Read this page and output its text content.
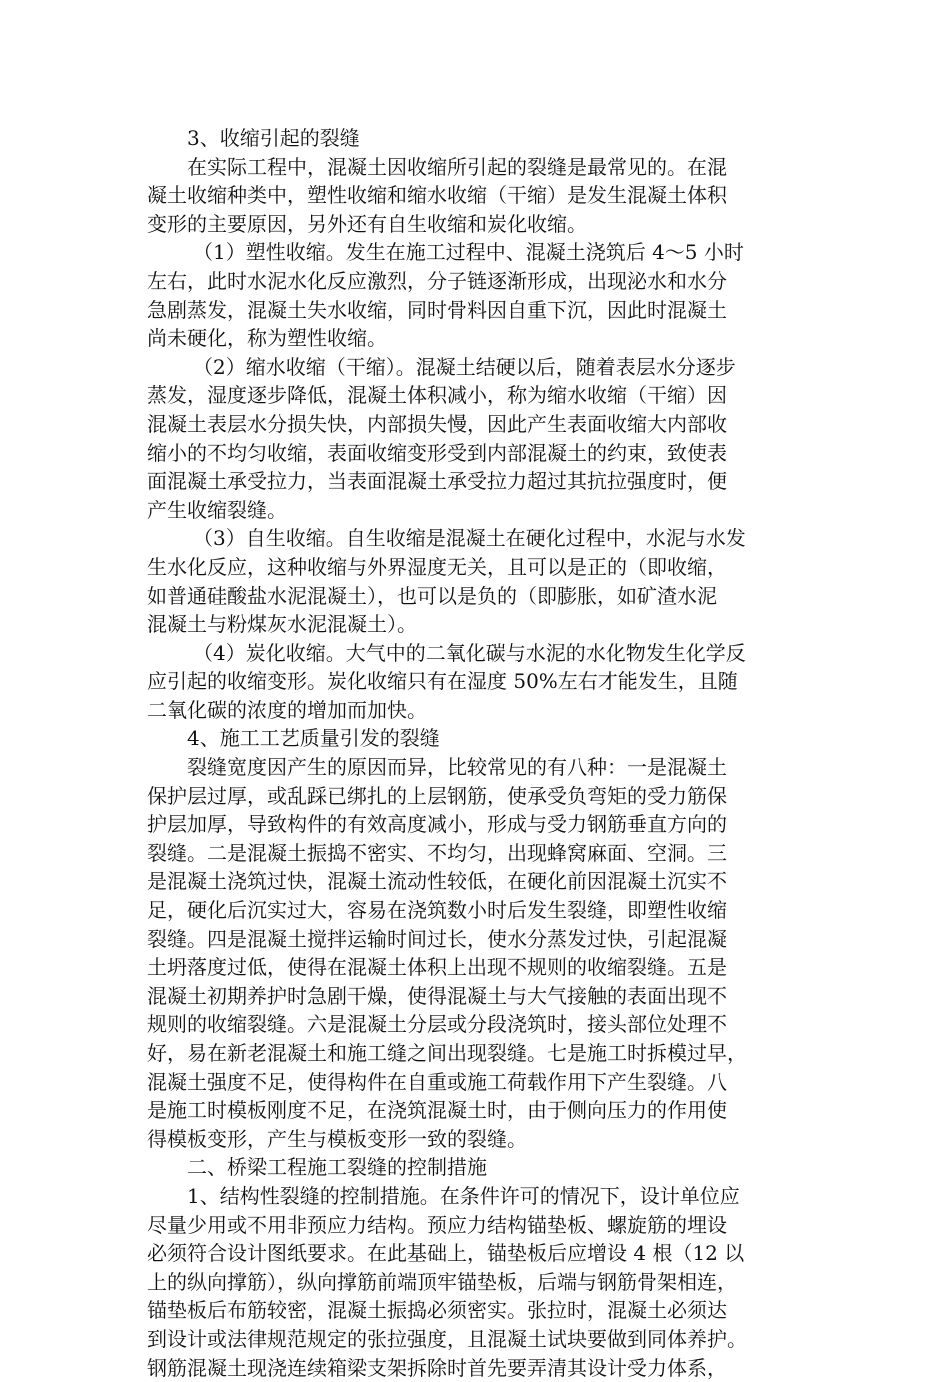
3、收缩引起的裂缝

在实际工程中，混凝土因收缩所引起的裂缝是最常见的。在混
凝土收缩种类中，塑性收缩和缩水收缩（干缩）是发生混凝土体积
变形的主要原因，另外还有自生收缩和炭化收缩。

（1）塑性收缩。发生在施工过程中、混凝土浇筑后 4～5 小时
左右，此时水泥水化反应激烈，分子链逐渐形成，出现泌水和水分
急剧蒸发，混凝土失水收缩，同时骨料因自重下沉，因此时混凝土
尚未硬化，称为塑性收缩。

（2）缩水收缩（干缩）。混凝土结硬以后，随着表层水分逐步
蒸发，湿度逐步降低，混凝土体积减小，称为缩水收缩（干缩）因
混凝土表层水分损失快，内部损失慢，因此产生表面收缩大内部收
缩小的不均匀收缩，表面收缩变形受到内部混凝土的约束，致使表
面混凝土承受拉力，当表面混凝土承受拉力超过其抗拉强度时，便
产生收缩裂缝。

（3）自生收缩。自生收缩是混凝土在硬化过程中，水泥与水发
生水化反应，这种收缩与外界湿度无关，且可以是正的（即收缩，
如普通硅酸盐水泥混凝土），也可以是负的（即膨胀，如矿渣水泥
混凝土与粉煤灰水泥混凝土）。

（4）炭化收缩。大气中的二氧化碳与水泥的水化物发生化学反
应引起的收缩变形。炭化收缩只有在湿度 50%左右才能发生，且随
二氧化碳的浓度的增加而加快。

4、施工工艺质量引发的裂缝

裂缝宽度因产生的原因而异，比较常见的有八种：一是混凝土
保护层过厚，或乱踩已绑扎的上层钢筋，使承受负弯矩的受力筋保
护层加厚，导致构件的有效高度减小，形成与受力钢筋垂直方向的
裂缝。二是混凝土振捣不密实、不均匀，出现蜂窝麻面、空洞。三
是混凝土浇筑过快，混凝土流动性较低，在硬化前因混凝土沉实不
足，硬化后沉实过大，容易在浇筑数小时后发生裂缝，即塑性收缩
裂缝。四是混凝土搅拌运输时间过长，使水分蒸发过快，引起混凝
土坍落度过低，使得在混凝土体积上出现不规则的收缩裂缝。五是
混凝土初期养护时急剧干燥，使得混凝土与大气接触的表面出现不
规则的收缩裂缝。六是混凝土分层或分段浇筑时，接头部位处理不
好，易在新老混凝土和施工缝之间出现裂缝。七是施工时拆模过早，
混凝土强度不足，使得构件在自重或施工荷载作用下产生裂缝。八
是施工时模板刚度不足，在浇筑混凝土时，由于侧向压力的作用使
得模板变形，产生与模板变形一致的裂缝。

二、桥梁工程施工裂缝的控制措施

1、结构性裂缝的控制措施。在条件许可的情况下，设计单位应
尽量少用或不用非预应力结构。预应力结构锚垫板、螺旋筋的埋设
必须符合设计图纸要求。在此基础上，锚垫板后应增设 4 根（12 以
上的纵向撑筋），纵向撑筋前端顶牢锚垫板，后端与钢筋骨架相连，
锚垫板后布筋较密，混凝土振捣必须密实。张拉时，混凝土必须达
到设计或法律规范规定的张拉强度，且混凝土试块要做到同体养护。
钢筋混凝土现浇连续箱梁支架拆除时首先要弄清其设计受力体系，
